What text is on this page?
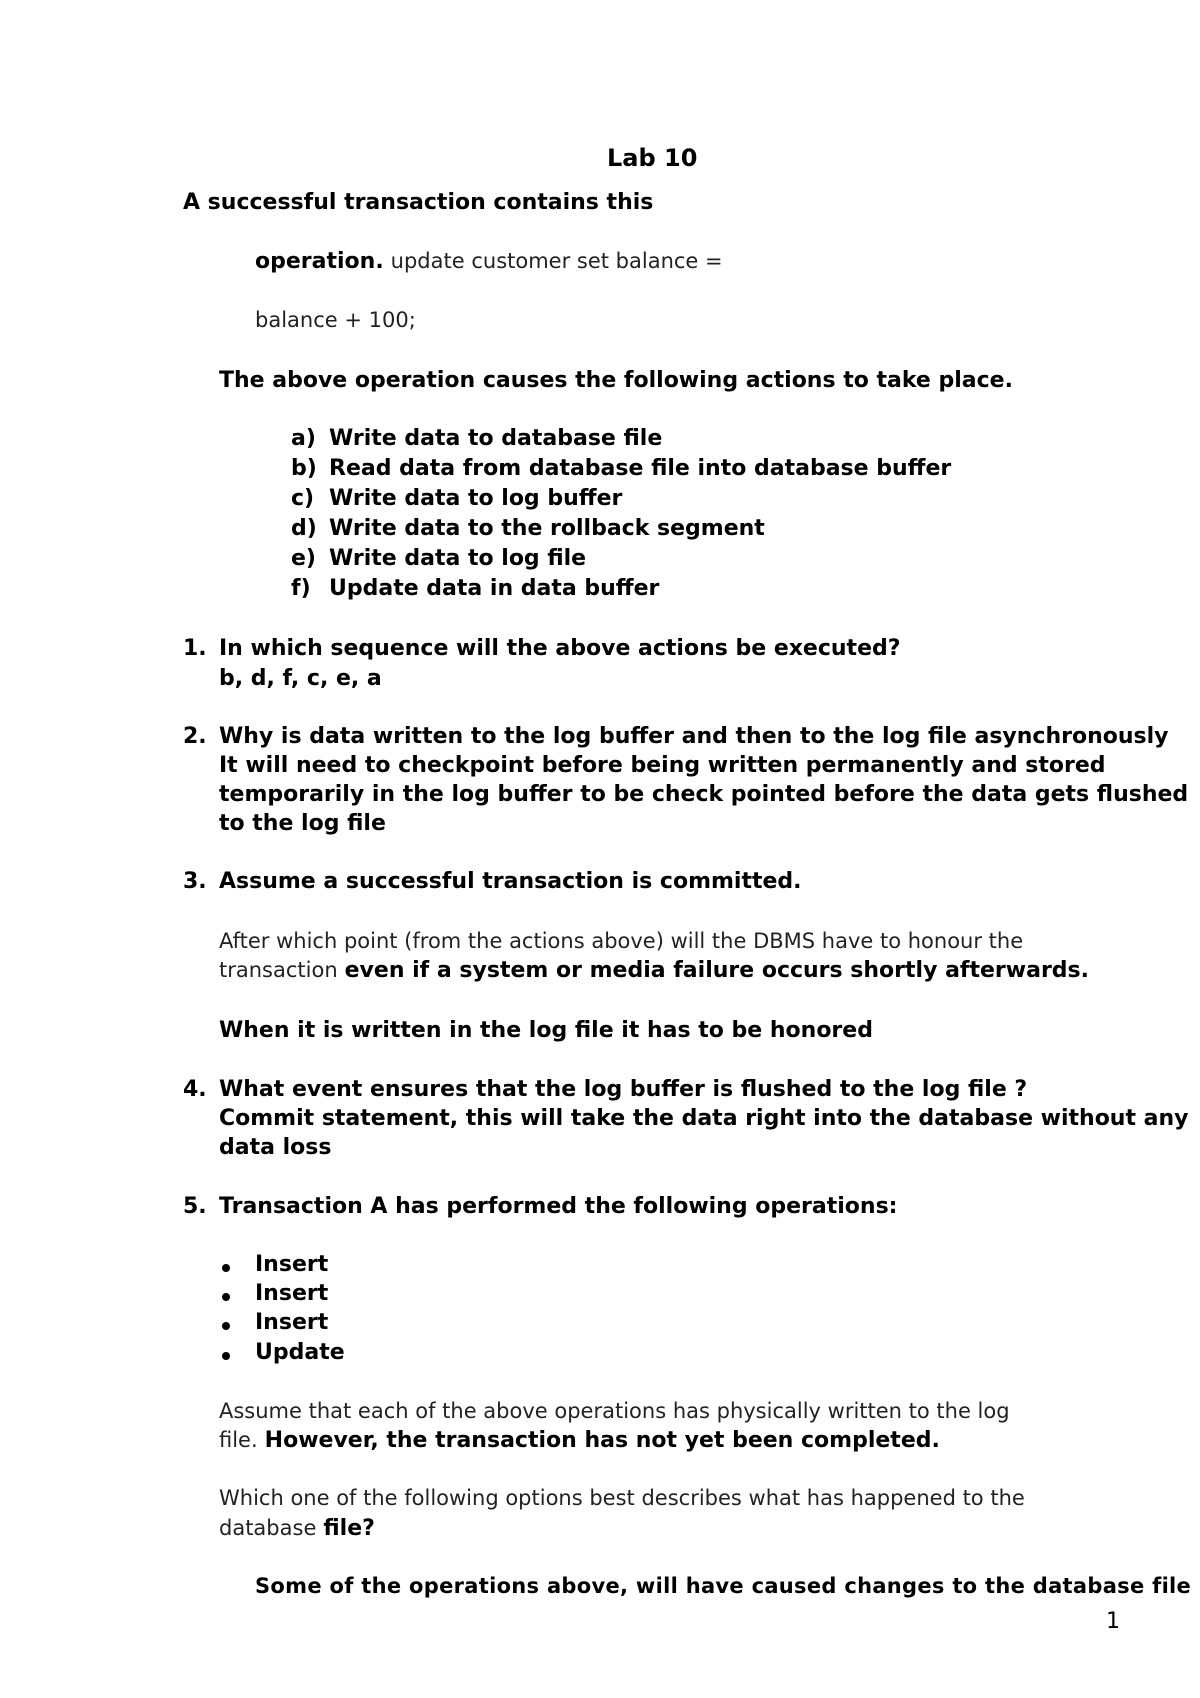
Lab 10
A successful transaction contains this
operation. update customer set balance =
balance + 100;
The above operation causes the following actions to take place.
a) Write data to database file
b) Read data from database file into database buffer
c) Write data to log buffer
d) Write data to the rollback segment
e) Write data to log file
f) Update data in data buffer
1. In which sequence will the above actions be executed?
b, d, f, c, e, a
2. Why is data written to the log buffer and then to the log file asynchronously
It will need to checkpoint before being written permanently and stored
temporarily in the log buffer to be check pointed before the data gets flushed
to the log file
3. Assume a successful transaction is committed.
After which point (from the actions above) will the DBMS have to honour the
transaction even if a system or media failure occurs shortly afterwards.
When it is written in the log file it has to be honored
4. What event ensures that the log buffer is flushed to the log file ?
Commit statement, this will take the data right into the database without any
data loss
5. Transaction A has performed the following operations:
Insert
Insert
Insert
Update
Assume that each of the above operations has physically written to the log
file. However, the transaction has not yet been completed.
Which one of the following options best describes what has happened to the
database file?
Some of the operations above, will have caused changes to the database file
1
